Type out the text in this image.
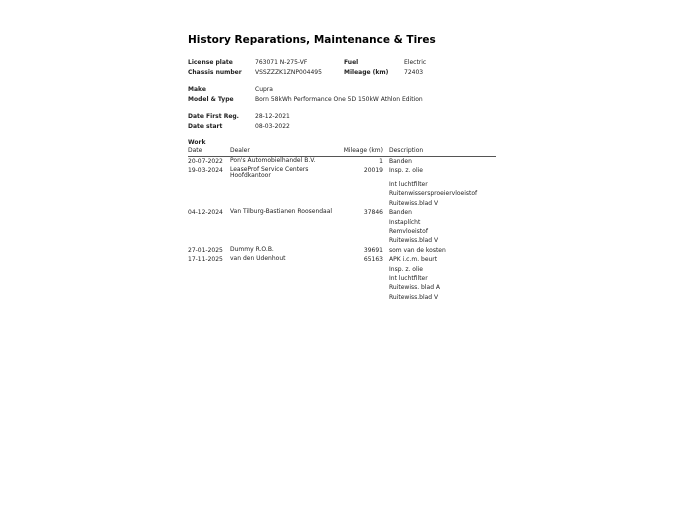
History Reparations, Maintenance & Tires
License plate	763071 N-275-VF	Fuel	Electric
Chassis number VSSZZZK1ZNP004495	Mileage (km)	72403
Make	Cupra
Model & Type	Born 58kWh Performance One 5D 150kW Athlon Edition
Date First Reg.	28-12-2021
Date start	08-03-2022
Work
Date	Dealer	Mileage (km)	Description
20-07-2022	Pon's Automobielhandel B.V.	1	Banden
19-03-2024	LeaseProf Service Centers Hoofdkantoor	20019	Insp. z. olie
			Int luchtfilter
			Ruitenwissersproeiervloeistof
			Ruitewiss.blad V
04-12-2024	Van Tilburg-Bastianen Roosendaal	37846	Banden
			Instaplícht
			Remvloeistof
			Ruitewiss.blad V
27-01-2025	Dummy R.O.B.	39691	som van de kosten
17-11-2025	van den Udenhout	65163	APK i.c.m. beurt
			Insp. z. olie
			Int luchtfilter
			Ruitewiss. blad A
			Ruitewiss.blad V
